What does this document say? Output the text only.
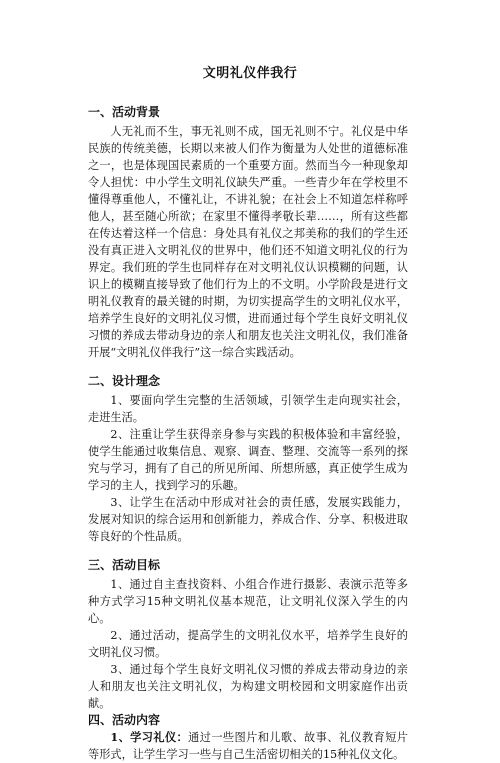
文明礼仪伴我行
一、活动背景

人无礼而不生，事无礼则不成，国无礼则不宁。礼仪是中华民族的传统美德，长期以来被人们作为衡量为人处世的道德标准之一，也是体现国民素质的一个重要方面。然而当今一种现象却令人担忧：中小学生文明礼仪缺失严重。一些青少年在学校里不懂得尊重他人，不懂礼让，不讲礼貌；在社会上不知道怎样称呼他人，甚至随心所欲；在家里不懂得孝敬长辈……，所有这些都在传达着这样一个信息：身处具有礼仪之邦美称的我们的学生还没有真正进入文明礼仪的世界中，他们还不知道文明礼仪的行为界定。我们班的学生也同样存在对文明礼仪认识模糊的问题，认识上的模糊直接导致了他们行为上的不文明。小学阶段是进行文明礼仪教育的最关键的时期，为切实提高学生的文明礼仪水平，培养学生良好的文明礼仪习惯，进而通过每个学生良好文明礼仪习惯的养成去带动身边的亲人和朋友也关注文明礼仪，我们准备开展“文明礼仪伴我行”这一综合实践活动。

二、设计理念

1、要面向学生完整的生活领域，引领学生走向现实社会，走进生活。

2、注重让学生获得亲身参与实践的积极体验和丰富经验，使学生能通过收集信息、观察、调查、整理、交流等一系列的探究与学习，拥有了自己的所见所闻、所想所感，真正使学生成为学习的主人，找到学习的乐趣。

3、让学生在活动中形成对社会的责任感，发展实践能力，发展对知识的综合运用和创新能力，养成合作、分享、积极进取等良好的个性品质。

三、活动目标

1、通过自主查找资料、小组合作进行摄影、表演示范等多种方式学习15种文明礼仪基本规范，让文明礼仪深入学生的内心。

2、通过活动，提高学生的文明礼仪水平，培养学生良好的文明礼仪习惯。

3、通过每个学生良好文明礼仪习惯的养成去带动身边的亲人和朋友也关注文明礼仪，为构建文明校园和文明家庭作出贡献。

四、活动内容

1、学习礼仪：通过一些图片和儿歌、故事、礼仪教育短片等形式，让学生学习一些与自己生活密切相关的15种礼仪文化。
